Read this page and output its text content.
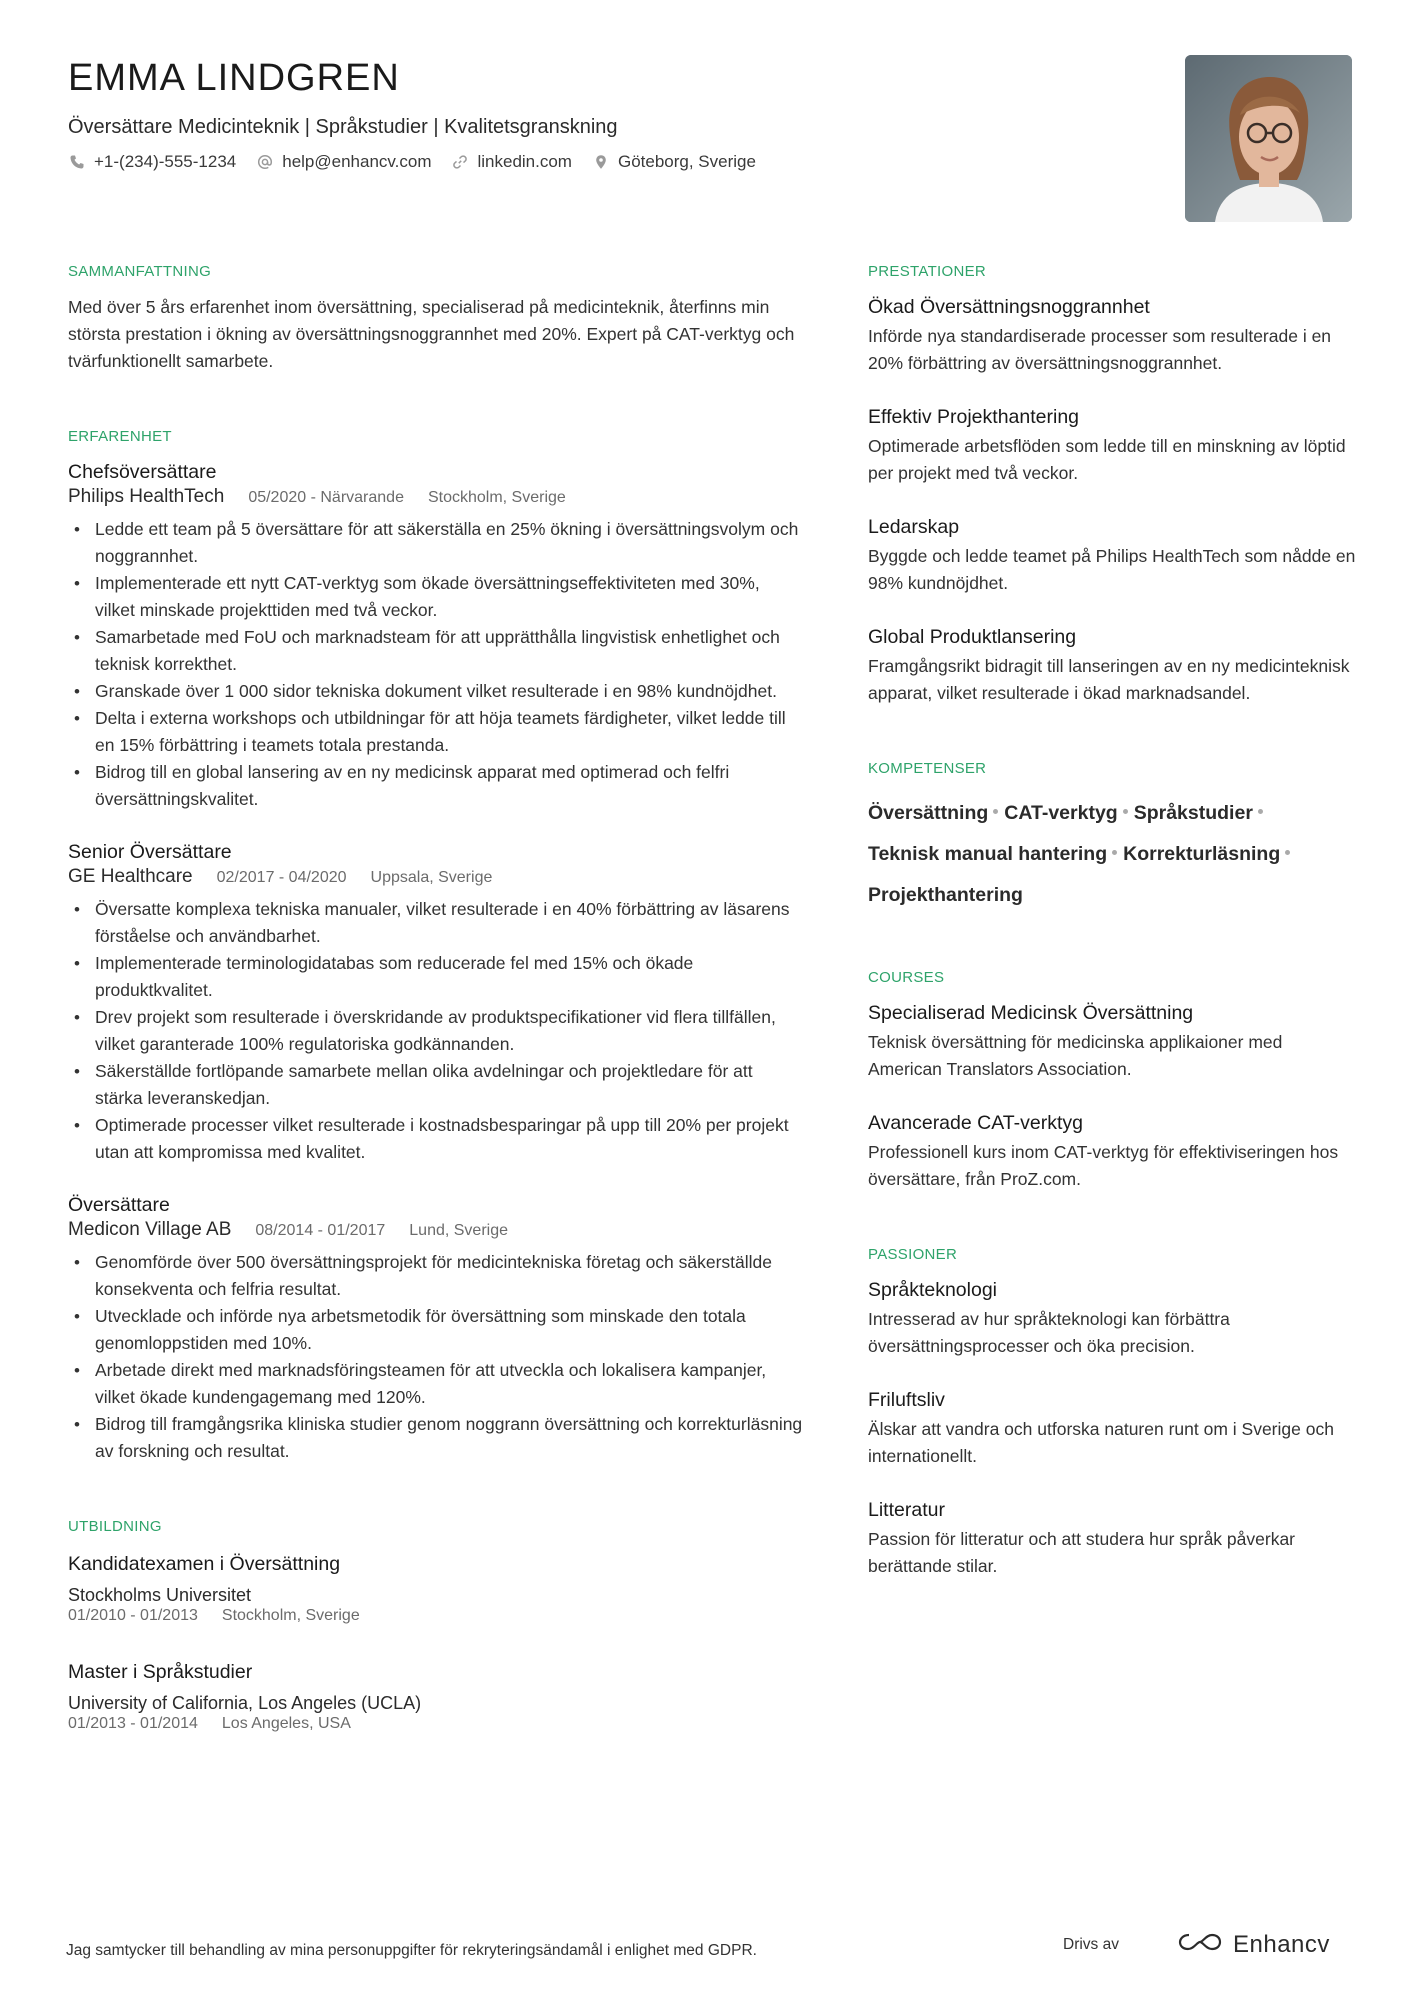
EMMA LINDGREN
Översättare Medicinteknik | Språkstudier | Kvalitetsgranskning
+1-(234)-555-1234	help@enhancv.com	linkedin.com	Göteborg, Sverige
SAMMANFATTNING
Med över 5 års erfarenhet inom översättning, specialiserad på medicinteknik, återfinns min största prestation i ökning av översättningsnoggrannhet med 20%. Expert på CAT-verktyg och tvärfunktionellt samarbete.
ERFARENHET
Chefsöversättare
Philips HealthTech 05/2020 - Närvarande Stockholm, Sverige
• Ledde ett team på 5 översättare för att säkerställa en 25% ökning i översättningsvolym och noggrannhet.
• Implementerade ett nytt CAT-verktyg som ökade översättningseffektiviteten med 30%, vilket minskade projekttiden med två veckor.
• Samarbetade med FoU och marknadsteam för att upprätthålla lingvistisk enhetlighet och teknisk korrekthet.
• Granskade över 1 000 sidor tekniska dokument vilket resulterade i en 98% kundnöjdhet.
• Delta i externa workshops och utbildningar för att höja teamets färdigheter, vilket ledde till en 15% förbättring i teamets totala prestanda.
• Bidrog till en global lansering av en ny medicinsk apparat med optimerad och felfri översättningskvalitet.
Senior Översättare
GE Healthcare 02/2017 - 04/2020 Uppsala, Sverige
• Översatte komplexa tekniska manualer, vilket resulterade i en 40% förbättring av läsarens förståelse och användbarhet.
• Implementerade terminologidatabas som reducerade fel med 15% och ökade produktkvalitet.
• Drev projekt som resulterade i överskridande av produktspecifikationer vid flera tillfällen, vilket garanterade 100% regulatoriska godkännanden.
• Säkerställde fortlöpande samarbete mellan olika avdelningar och projektledare för att stärka leveranskedjan.
• Optimerade processer vilket resulterade i kostnadsbesparingar på upp till 20% per projekt utan att kompromissa med kvalitet.
Översättare
Medicon Village AB 08/2014 - 01/2017 Lund, Sverige
• Genomförde över 500 översättningsprojekt för medicintekniska företag och säkerställde konsekventa och felfria resultat.
• Utvecklade och införde nya arbetsmetodik för översättning som minskade den totala genomloppstiden med 10%.
• Arbetade direkt med marknadsföringsteamen för att utveckla och lokalisera kampanjer, vilket ökade kundengagemang med 120%.
• Bidrog till framgångsrika kliniska studier genom noggrann översättning och korrekturläsning av forskning och resultat.
UTBILDNING
Kandidatexamen i Översättning
Stockholms Universitet
01/2010 - 01/2013 Stockholm, Sverige
Master i Språkstudier
University of California, Los Angeles (UCLA)
01/2013 - 01/2014 Los Angeles, USA
PRESTATIONER
Ökad Översättningsnoggrannhet
Införde nya standardiserade processer som resulterade i en 20% förbättring av översättningsnoggrannhet.
Effektiv Projekthantering
Optimerade arbetsflöden som ledde till en minskning av löptid per projekt med två veckor.
Ledarskap
Byggde och ledde teamet på Philips HealthTech som nådde en 98% kundnöjdhet.
Global Produktlansering
Framgångsrikt bidragit till lanseringen av en ny medicinteknisk apparat, vilket resulterade i ökad marknadsandel.
KOMPETENSER
Översättning CAT-verktyg Språkstudier
Teknisk manual hantering Korrekturläsning
Projekthantering
COURSES
Specialiserad Medicinsk Översättning
Teknisk översättning för medicinska applikaioner med American Translators Association.
Avancerade CAT-verktyg
Professionell kurs inom CAT-verktyg för effektiviseringen hos översättare, från ProZ.com.
PASSIONER
Språkteknologi
Intresserad av hur språkteknologi kan förbättra översättningsprocesser och öka precision.
Friluftsliv
Älskar att vandra och utforska naturen runt om i Sverige och internationellt.
Litteratur
Passion för litteratur och att studera hur språk påverkar berättande stilar.
Jag samtycker till behandling av mina personuppgifter för rekryteringsändamål i enlighet med GDPR.	Drivs av	Enhancv
